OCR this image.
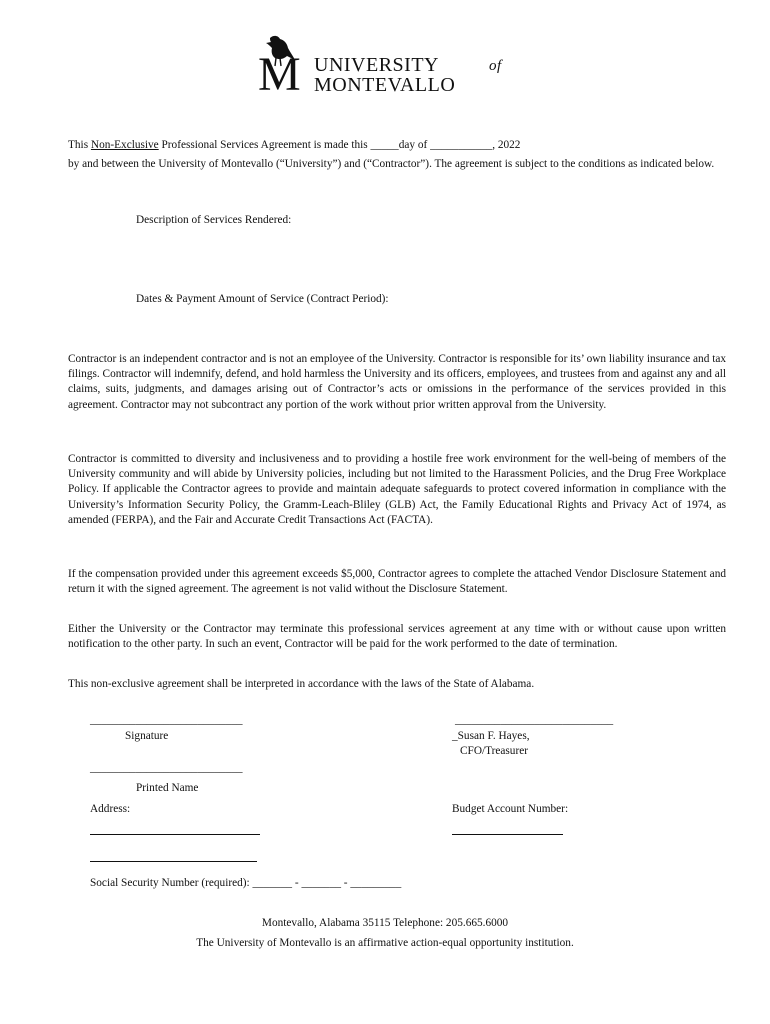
M UNIVERSITY	of
MONTEVALLO
This Non-Exclusive Professional Services Agreement is made this _____day of ___________, 2022

by and between the University of Montevallo (“University”) and (“Contractor”). The agreement is subject to the conditions as indicated below.

Description of Services Rendered:
Dates & Payment Amount of Service (Contract Period):

Contractor is an independent contractor and is not an employee of the University. Contractor is responsible for its’ own liability insurance and tax filings. Contractor will indemnify, defend, and hold harmless the University and its officers, employees, and trustees from and against any and all claims, suits, judgments, and damages arising out of Contractor’s acts or omissions in the performance of the services provided in this agreement. Contractor may not subcontract any portion of the work without prior written approval from the University.

Contractor is committed to diversity and inclusiveness and to providing a hostile free work environment for the well-being of members of the University community and will abide by University policies, including but not limited to the Harassment Policies, and the Drug Free Workplace Policy. If applicable the Contractor agrees to provide and maintain adequate safeguards to protect covered information in compliance with the University’s Information Security Policy, the Gramm-Leach-Bliley (GLB) Act, the Family Educational Rights and Privacy Act of 1974, as amended (FERPA), and the Fair and Accurate Credit Transactions Act (FACTA).

If the compensation provided under this agreement exceeds $5,000, Contractor agrees to complete the attached Vendor Disclosure Statement and return it with the signed agreement. The agreement is not valid without the Disclosure Statement.

Either the University or the Contractor may terminate this professional services agreement at any time with or without cause upon written notification to the other party. In such an event, Contractor will be paid for the work performed to the date of termination.

This non-exclusive agreement shall be interpreted in accordance with the laws of the State of Alabama.

___________________________
Signature
____________________________
_Susan F. Hayes,
CFO/Treasurer
___________________________
Printed Name
Address:	Budget Account Number:
Social Security Number (required): _______ - _______ - _________
Montevallo, Alabama 35115 Telephone: 205.665.6000
The University of Montevallo is an affirmative action-equal opportunity institution.
